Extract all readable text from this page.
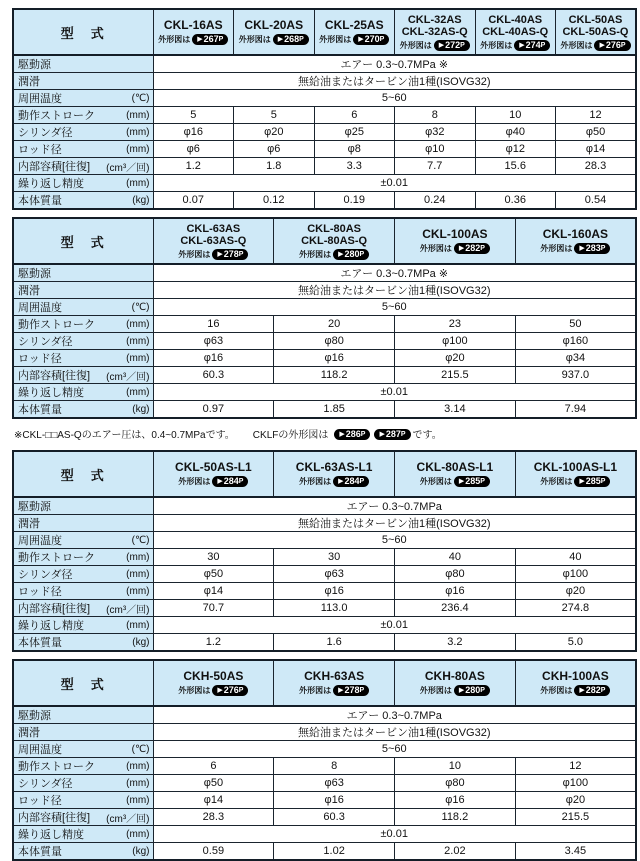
型　式	
CKL-16AS
外形図は ▶ 267 P

CKL-20AS
外形図は ▶ 268 P

CKL-25AS
外形図は ▶ 270 P

CKL-32AS
CKL-32AS-Q
外形図は ▶ 272 P

CKL-40AS
CKL-40AS-Q
外形図は ▶ 274 P

CKL-50AS
CKL-50AS-Q
外形図は ▶ 276 P

駆動源	エアー 0.3~0.7MPa ※					

潤滑	無給油またはタービン油1種(ISOVG32)					

周囲温度 (℃)	5~60					

動作ストローク (mm)	5	5	6	8	10	12

シリンダ径 (mm)	φ16	φ20	φ25	φ32	φ40	φ50

ロッド径 (mm)	φ6	φ6	φ8	φ10	φ12	φ14

内部容積[往復] (cm³／回)	1.2	1.8	3.3	7.7	15.6	28.3

繰り返し精度 (mm)	±0.01					

本体質量 (kg)	0.07	0.12	0.19	0.24	0.36	0.54
型　式	
CKL-63AS
CKL-63AS-Q
外形図は ▶ 278 P

CKL-80AS
CKL-80AS-Q
外形図は ▶ 280 P

CKL-100AS
外形図は ▶ 282 P

CKL-160AS
外形図は ▶ 283 P

駆動源	エアー 0.3~0.7MPa ※			

潤滑	無給油またはタービン油1種(ISOVG32)			

周囲温度 (℃)	5~60			

動作ストローク (mm)	16	20	23	50

シリンダ径 (mm)	φ63	φ80	φ100	φ160

ロッド径 (mm)	φ16	φ16	φ20	φ34

内部容積[往復] (cm³／回)	60.3	118.2	215.5	937.0

繰り返し精度 (mm)	±0.01			

本体質量 (kg)	0.97	1.85	3.14	7.94
※CKL-□□AS-Qのエアー圧は、0.4~0.7MPaです。 CKLFの外形図は ▶ 286 P ▶ 287 P です。
型　式	
CKL-50AS-L1
外形図は ▶ 284 P

CKL-63AS-L1
外形図は ▶ 284 P

CKL-80AS-L1
外形図は ▶ 285 P

CKL-100AS-L1
外形図は ▶ 285 P

駆動源	エアー 0.3~0.7MPa			

潤滑	無給油またはタービン油1種(ISOVG32)			

周囲温度 (℃)	5~60			

動作ストローク (mm)	30	30	40	40

シリンダ径 (mm)	φ50	φ63	φ80	φ100

ロッド径 (mm)	φ14	φ16	φ16	φ20

内部容積[往復] (cm³／回)	70.7	113.0	236.4	274.8

繰り返し精度 (mm)	±0.01			

本体質量 (kg)	1.2	1.6	3.2	5.0
型　式	
CKH-50AS
外形図は ▶ 276 P

CKH-63AS
外形図は ▶ 278 P

CKH-80AS
外形図は ▶ 280 P

CKH-100AS
外形図は ▶ 282 P

駆動源	エアー 0.3~0.7MPa			

潤滑	無給油またはタービン油1種(ISOVG32)			

周囲温度 (℃)	5~60			

動作ストローク (mm)	6	8	10	12

シリンダ径 (mm)	φ50	φ63	φ80	φ100

ロッド径 (mm)	φ14	φ16	φ16	φ20

内部容積[往復] (cm³／回)	28.3	60.3	118.2	215.5

繰り返し精度 (mm)	±0.01			

本体質量 (kg)	0.59	1.02	2.02	3.45
